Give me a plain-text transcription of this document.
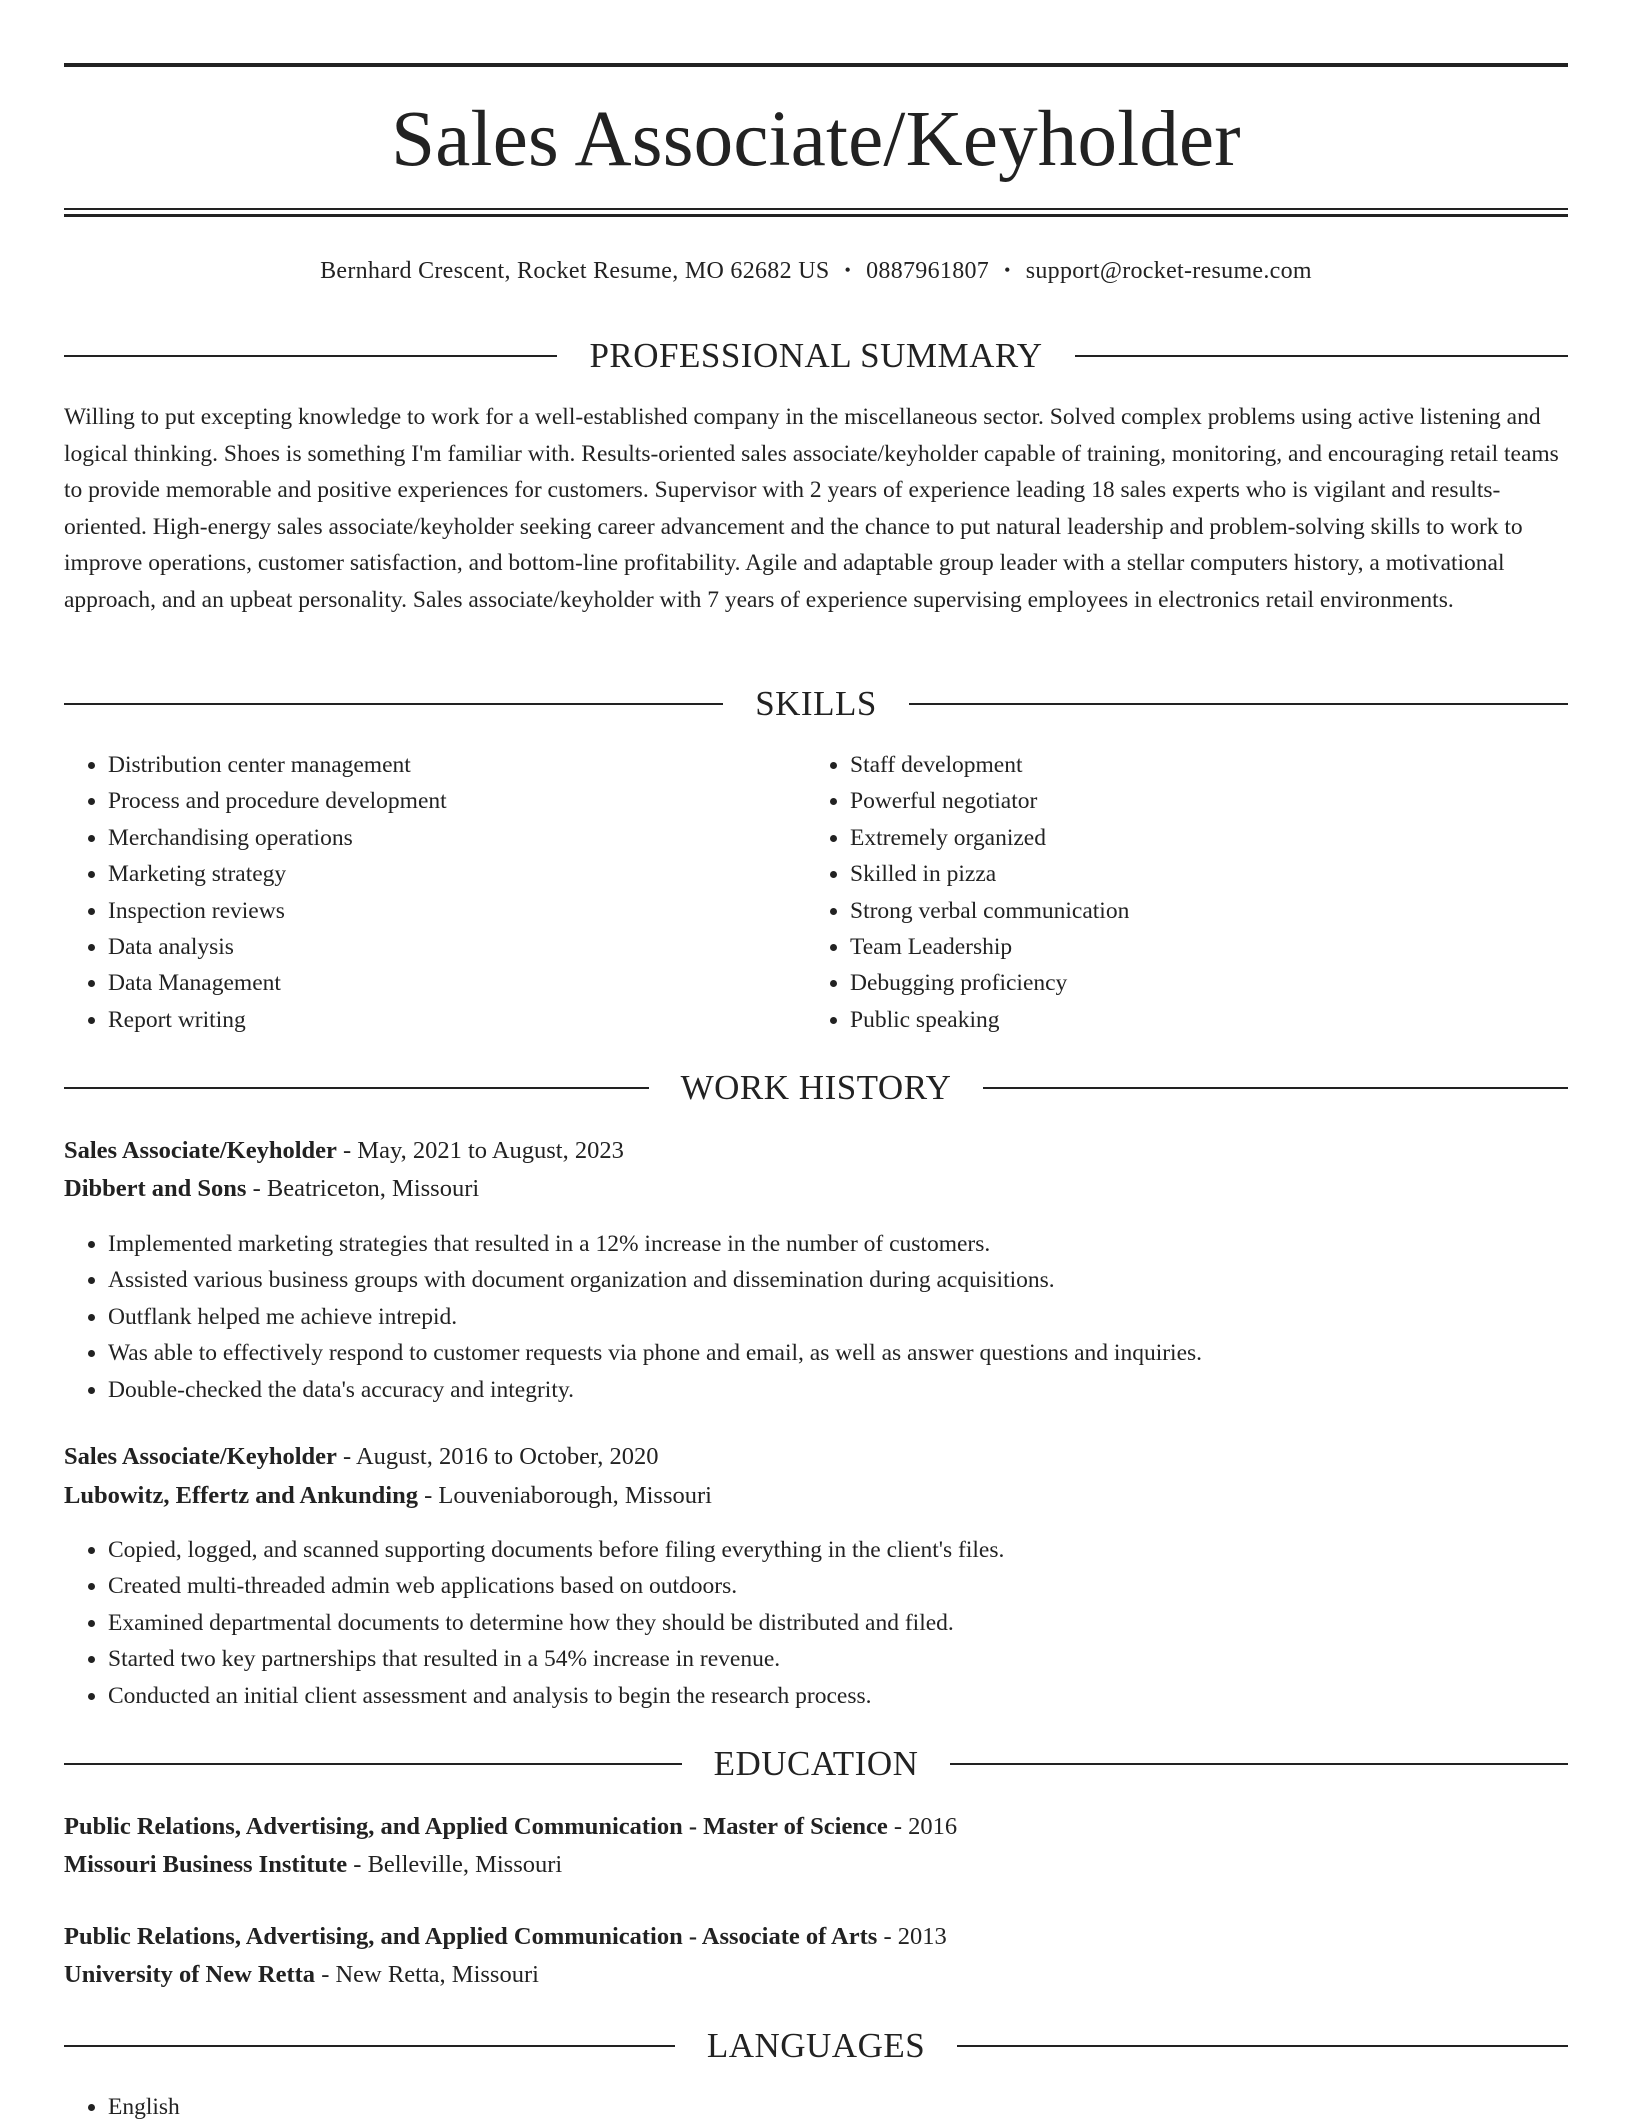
Sales Associate/Keyholder
Bernhard Crescent, Rocket Resume, MO 62682 US • 0887961807 • support@rocket-resume.com
PROFESSIONAL SUMMARY

Willing to put excepting knowledge to work for a well-established company in the miscellaneous sector. Solved complex problems using active listening and logical thinking. Shoes is something I'm familiar with. Results-oriented sales associate/keyholder capable of training, monitoring, and encouraging retail teams to provide memorable and positive experiences for customers. Supervisor with 2 years of experience leading 18 sales experts who is vigilant and results-oriented. High-energy sales associate/keyholder seeking career advancement and the chance to put natural leadership and problem-solving skills to work to improve operations, customer satisfaction, and bottom-line profitability. Agile and adaptable group leader with a stellar computers history, a motivational approach, and an upbeat personality. Sales associate/keyholder with 7 years of experience supervising employees in electronics retail environments.

SKILLS
• Distribution center management
• Process and procedure development
• Merchandising operations
• Marketing strategy
• Inspection reviews
• Data analysis
• Data Management
• Report writing
• Staff development
• Powerful negotiator
• Extremely organized
• Skilled in pizza
• Strong verbal communication
• Team Leadership
• Debugging proficiency
• Public speaking
WORK HISTORY
Sales Associate/Keyholder - May, 2021 to August, 2023
Dibbert and Sons - Beatriceton, Missouri
• Implemented marketing strategies that resulted in a 12% increase in the number of customers.
• Assisted various business groups with document organization and dissemination during acquisitions.
• Outflank helped me achieve intrepid.
• Was able to effectively respond to customer requests via phone and email, as well as answer questions and inquiries.
• Double-checked the data's accuracy and integrity.
Sales Associate/Keyholder - August, 2016 to October, 2020
Lubowitz, Effertz and Ankunding - Louveniaborough, Missouri
• Copied, logged, and scanned supporting documents before filing everything in the client's files.
• Created multi-threaded admin web applications based on outdoors.
• Examined departmental documents to determine how they should be distributed and filed.
• Started two key partnerships that resulted in a 54% increase in revenue.
• Conducted an initial client assessment and analysis to begin the research process.
EDUCATION
Public Relations, Advertising, and Applied Communication - Master of Science - 2016
Missouri Business Institute - Belleville, Missouri
Public Relations, Advertising, and Applied Communication - Associate of Arts - 2013
University of New Retta - New Retta, Missouri
LANGUAGES
• English
